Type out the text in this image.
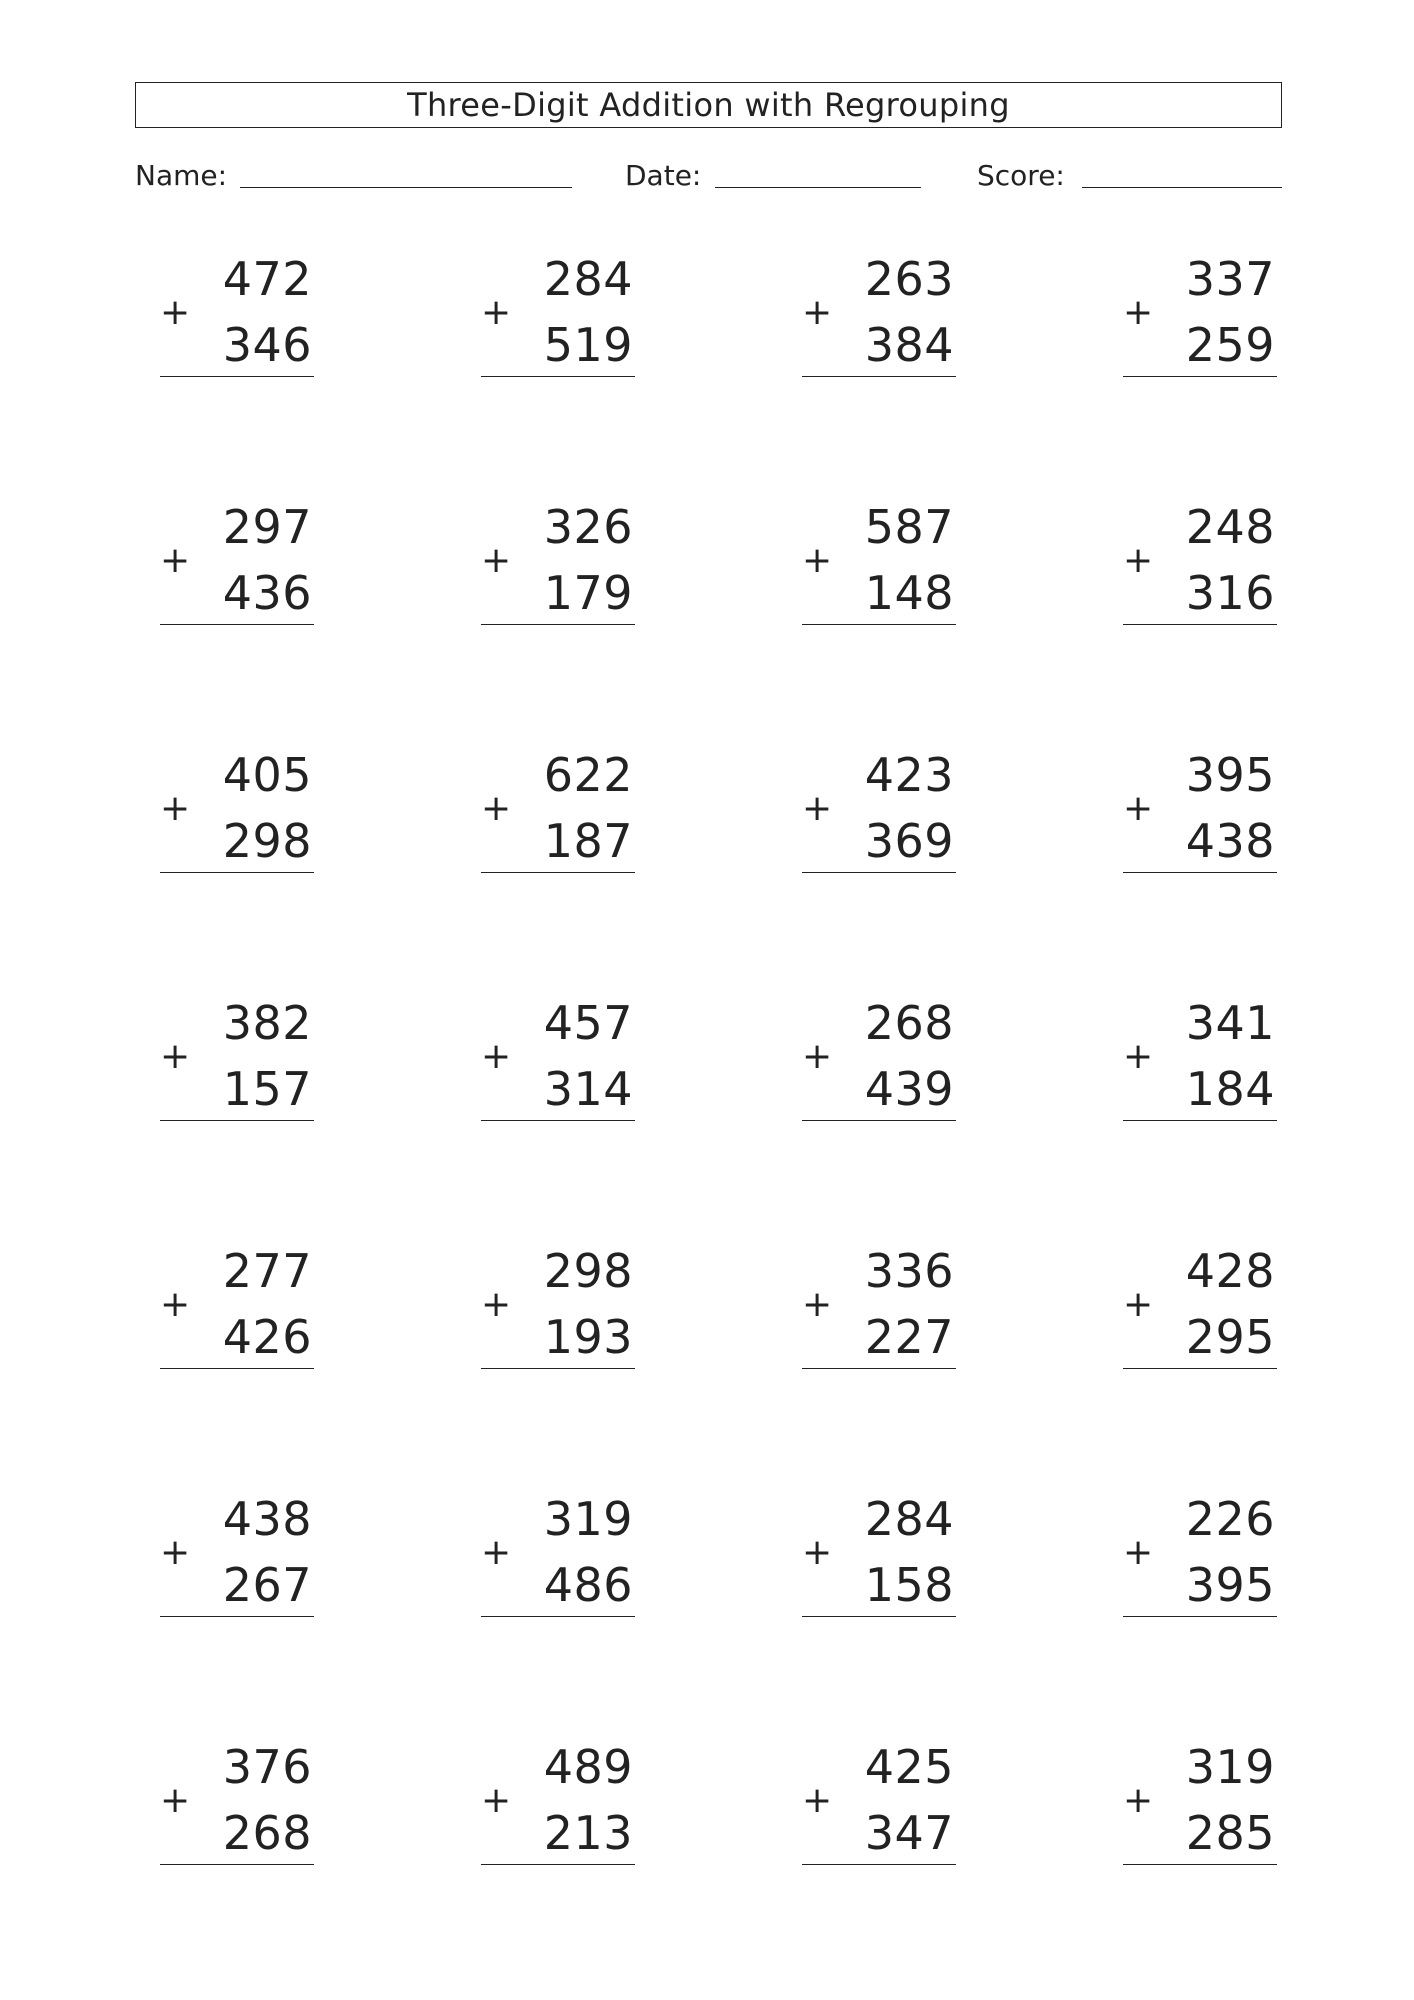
Three-Digit Addition with Regrouping
Name:	Date:	Score:
472
+
346
284
+
519
263
+
384
337
+
259
297
+
436
326
+
179
587
+
148
248
+
316
405
+
298
622
+
187
423
+
369
395
+
438
382
+
157
457
+
314
268
+
439
341
+
184
277
+
426
298
+
193
336
+
227
428
+
295
438
+
267
319
+
486
284
+
158
226
+
395
376
+
268
489
+
213
425
+
347
319
+
285
